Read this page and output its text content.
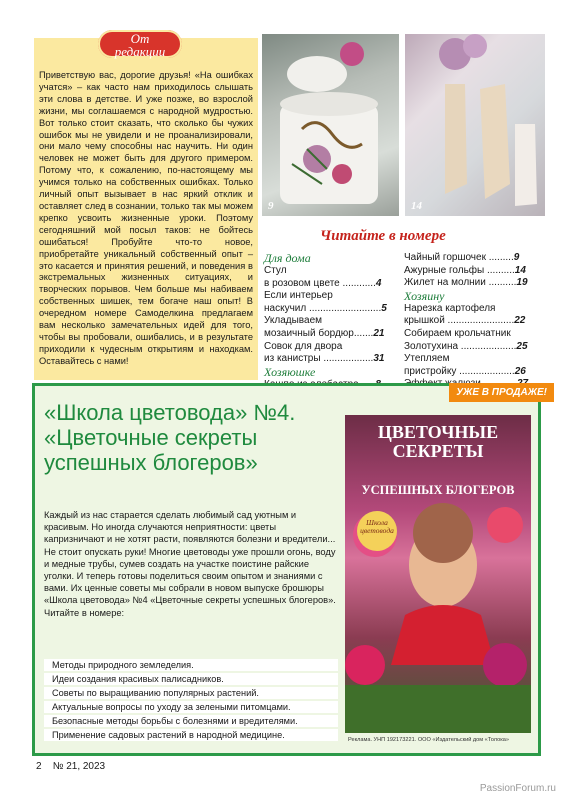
От
редакции
Приветствую вас, дорогие друзья! «На ошибках учатся» – как часто нам приходилось слышать эти слова в детстве. И уже позже, во взрослой жизни, мы соглашаемся с народной мудростью. Вот только стоит сказать, что сколько бы чужих ошибок мы не увидели и не проанализировали, они мало чему способны нас научить. Ни один человек не может быть для другого примером. Потому что, к сожалению, по-настоящему мы учимся только на собственных ошибках. Только личный опыт вызывает в нас яркий отклик и оставляет след в сознании, только так мы можем крепко усвоить жизненные уроки. Поэтому сегодняшний мой посыл таков: не бойтесь ошибаться! Пробуйте что-то новое, приобретайте уникальный собственный опыт – это касается и принятия решений, и поведения в экстремальных жизненных ситуациях, и творческих порывов. Чем больше мы набиваем собственных шишек, тем богаче наш опыт! В очередном номере Самоделкина предлагаем вам несколько замечательных идей для того, чтобы вы пробовали, ошибались, и в результате приходили к чудесным открытиям и находкам. Оставайтесь с нами!
9	14
Читайте в номере
Для дома
Стул
в розовом цвете ............4
Если интерьер
наскучил ..........................5
Укладываем
мозаичный бордюр.......21
Совок для двора
из канистры ..................31
Хозяюшке
Чайный горшочек .........9
Ажурные гольфы ..........14
Жилет на молнии ..........19
Хозяину
Нарезка картофеля
крышкой ........................22
Собираем крольчатник
Золотухина ....................25
Утепляем
пристройку ....................26
УЖЕ В ПРОДАЖЕ!
«Школа цветовода» №4. «Цветочные секреты успешных блогеров»
Каждый из нас старается сделать любимый сад уютным и красивым. Но иногда случаются неприятности: цветы капризничают и не хотят расти, появляются болезни и вредители... Не стоит опускать руки! Многие цветоводы уже прошли огонь, воду и медные трубы, сумев создать на участке поистине райские уголки. И теперь готовы поделиться своим опытом и знаниями с вами. Их ценные советы мы собрали в новом выпуске брошюры «Школа цветовода» №4 «Цветочные секреты успешных блогеров».
Читайте в номере:
Методы природного земледелия.
Идеи создания красивых палисадников.
Советы по выращиванию популярных растений.
Актуальные вопросы по уходу за зелеными питомцами.
Безопасные методы борьбы с болезнями и вредителями.
Применение садовых растений в народной медицине.
ЦВЕТОЧНЫЕ СЕКРЕТЫ
УСПЕШНЫХ БЛОГЕРОВ
Школа цветовода
Реклама. УНП 192173221. ООО «Издательский дом «Толока»
2 № 21, 2023
PassionForum.ru
